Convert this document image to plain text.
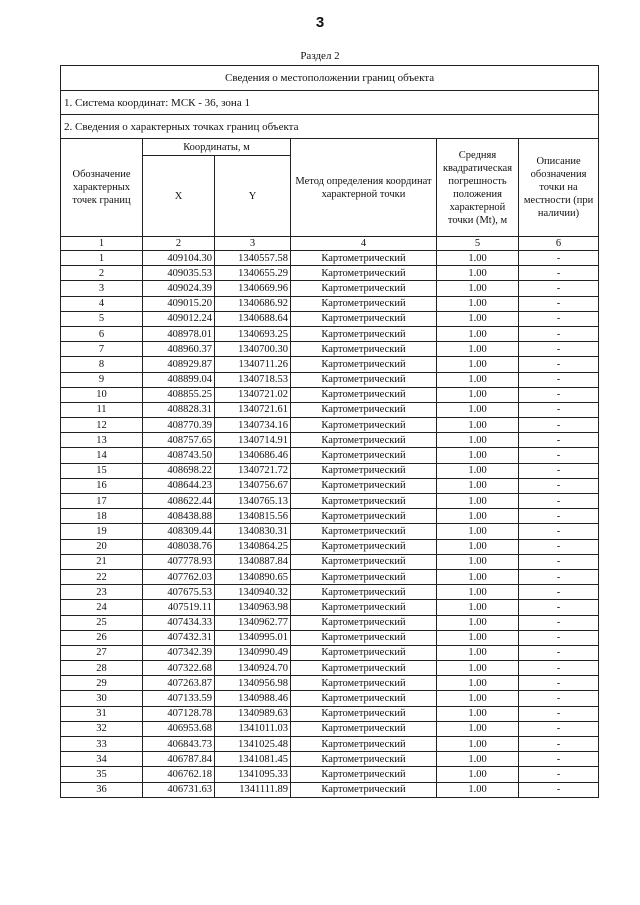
3
Раздел 2
Сведения о местоположении границ объекта					
1. Система координат: МСК - 36, зона 1					
2. Сведения о характерных точках границ объекта					
Обозначение характерных точек границ	Координаты, м		Метод определения координат характерной точки	Средняя квадратическая погрешность положения характерной точки (Mt), м	Описание обозначения точки на местности (при наличии)
	X	Y			
1	2	3	4	5	6
1	409104.30	1340557.58	Картометрический	1.00	-
2	409035.53	1340655.29	Картометрический	1.00	-
3	409024.39	1340669.96	Картометрический	1.00	-
4	409015.20	1340686.92	Картометрический	1.00	-
5	409012.24	1340688.64	Картометрический	1.00	-
6	408978.01	1340693.25	Картометрический	1.00	-
7	408960.37	1340700.30	Картометрический	1.00	-
8	408929.87	1340711.26	Картометрический	1.00	-
9	408899.04	1340718.53	Картометрический	1.00	-
10	408855.25	1340721.02	Картометрический	1.00	-
11	408828.31	1340721.61	Картометрический	1.00	-
12	408770.39	1340734.16	Картометрический	1.00	-
13	408757.65	1340714.91	Картометрический	1.00	-
14	408743.50	1340686.46	Картометрический	1.00	-
15	408698.22	1340721.72	Картометрический	1.00	-
16	408644.23	1340756.67	Картометрический	1.00	-
17	408622.44	1340765.13	Картометрический	1.00	-
18	408438.88	1340815.56	Картометрический	1.00	-
19	408309.44	1340830.31	Картометрический	1.00	-
20	408038.76	1340864.25	Картометрический	1.00	-
21	407778.93	1340887.84	Картометрический	1.00	-
22	407762.03	1340890.65	Картометрический	1.00	-
23	407675.53	1340940.32	Картометрический	1.00	-
24	407519.11	1340963.98	Картометрический	1.00	-
25	407434.33	1340962.77	Картометрический	1.00	-
26	407432.31	1340995.01	Картометрический	1.00	-
27	407342.39	1340990.49	Картометрический	1.00	-
28	407322.68	1340924.70	Картометрический	1.00	-
29	407263.87	1340956.98	Картометрический	1.00	-
30	407133.59	1340988.46	Картометрический	1.00	-
31	407128.78	1340989.63	Картометрический	1.00	-
32	406953.68	1341011.03	Картометрический	1.00	-
33	406843.73	1341025.48	Картометрический	1.00	-
34	406787.84	1341081.45	Картометрический	1.00	-
35	406762.18	1341095.33	Картометрический	1.00	-
36	406731.63	1341111.89	Картометрический	1.00	-
